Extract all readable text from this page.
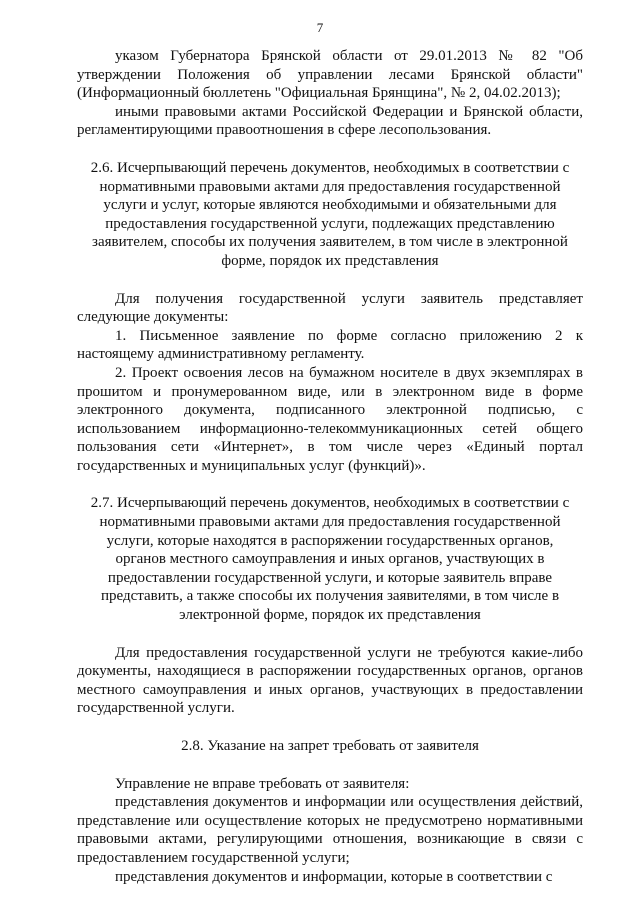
7

указом Губернатора Брянской области от 29.01.2013 № 82 "Об утверждении Положения об управлении лесами Брянской области" (Информационный бюллетень "Официальная Брянщина", № 2, 04.02.2013);

иными правовыми актами Российской Федерации и Брянской области, регламентирующими правоотношения в сфере лесопользования.

2.6. Исчерпывающий перечень документов, необходимых в соответствии с нормативными правовыми актами для предоставления государственной услуги и услуг, которые являются необходимыми и обязательными для предоставления государственной услуги, подлежащих представлению заявителем, способы их получения заявителем, в том числе в электронной форме, порядок их представления

Для получения государственной услуги заявитель представляет следующие документы:

1. Письменное заявление по форме согласно приложению 2 к настоящему административному регламенту.

2. Проект освоения лесов на бумажном носителе в двух экземплярах в прошитом и пронумерованном виде, или в электронном виде в форме электронного документа, подписанного электронной подписью, с использованием информационно-телекоммуникационных сетей общего пользования сети «Интернет», в том числе через «Единый портал государственных и муниципальных услуг (функций)».

2.7. Исчерпывающий перечень документов, необходимых в соответствии с нормативными правовыми актами для предоставления государственной услуги, которые находятся в распоряжении государственных органов, органов местного самоуправления и иных органов, участвующих в предоставлении государственной услуги, и которые заявитель вправе представить, а также способы их получения заявителями, в том числе в электронной форме, порядок их представления

Для предоставления государственной услуги не требуются какие-либо документы, находящиеся в распоряжении государственных органов, органов местного самоуправления и иных органов, участвующих в предоставлении государственной услуги.

2.8. Указание на запрет требовать от заявителя

Управление не вправе требовать от заявителя:

представления документов и информации или осуществления действий, представление или осуществление которых не предусмотрено нормативными правовыми актами, регулирующими отношения, возникающие в связи с предоставлением государственной услуги;

представления документов и информации, которые в соответствии с
